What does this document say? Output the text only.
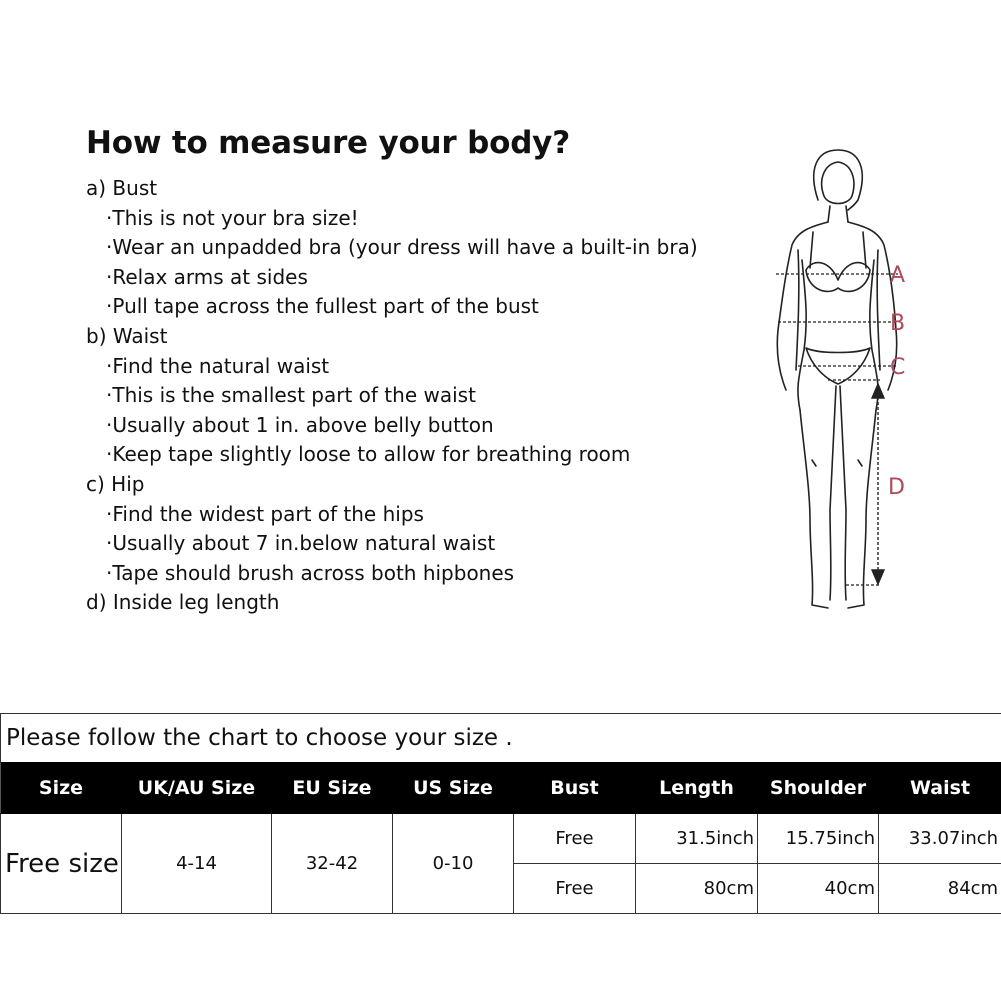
How to measure your body?
a) Bust
·This is not your bra size!
·Wear an unpadded bra (your dress will have a built-in bra)
·Relax arms at sides
·Pull tape across the fullest part of the bust
b) Waist
·Find the natural waist
·This is the smallest part of the waist
·Usually about 1 in. above belly button
·Keep tape slightly loose to allow for breathing room
c) Hip
·Find the widest part of the hips
·Usually about 7 in.below natural waist
·Tape should brush across both hipbones
d) Inside leg length
A
B
C
D
Please follow the chart to choose your size .							
Size	UK/AU Size	EU Size	US Size	Bust	Length	Shoulder	Waist
Free size	4-14	32-42	0-10	Free	31.5inch	15.75inch	33.07inch
				Free	80cm	40cm	84cm
